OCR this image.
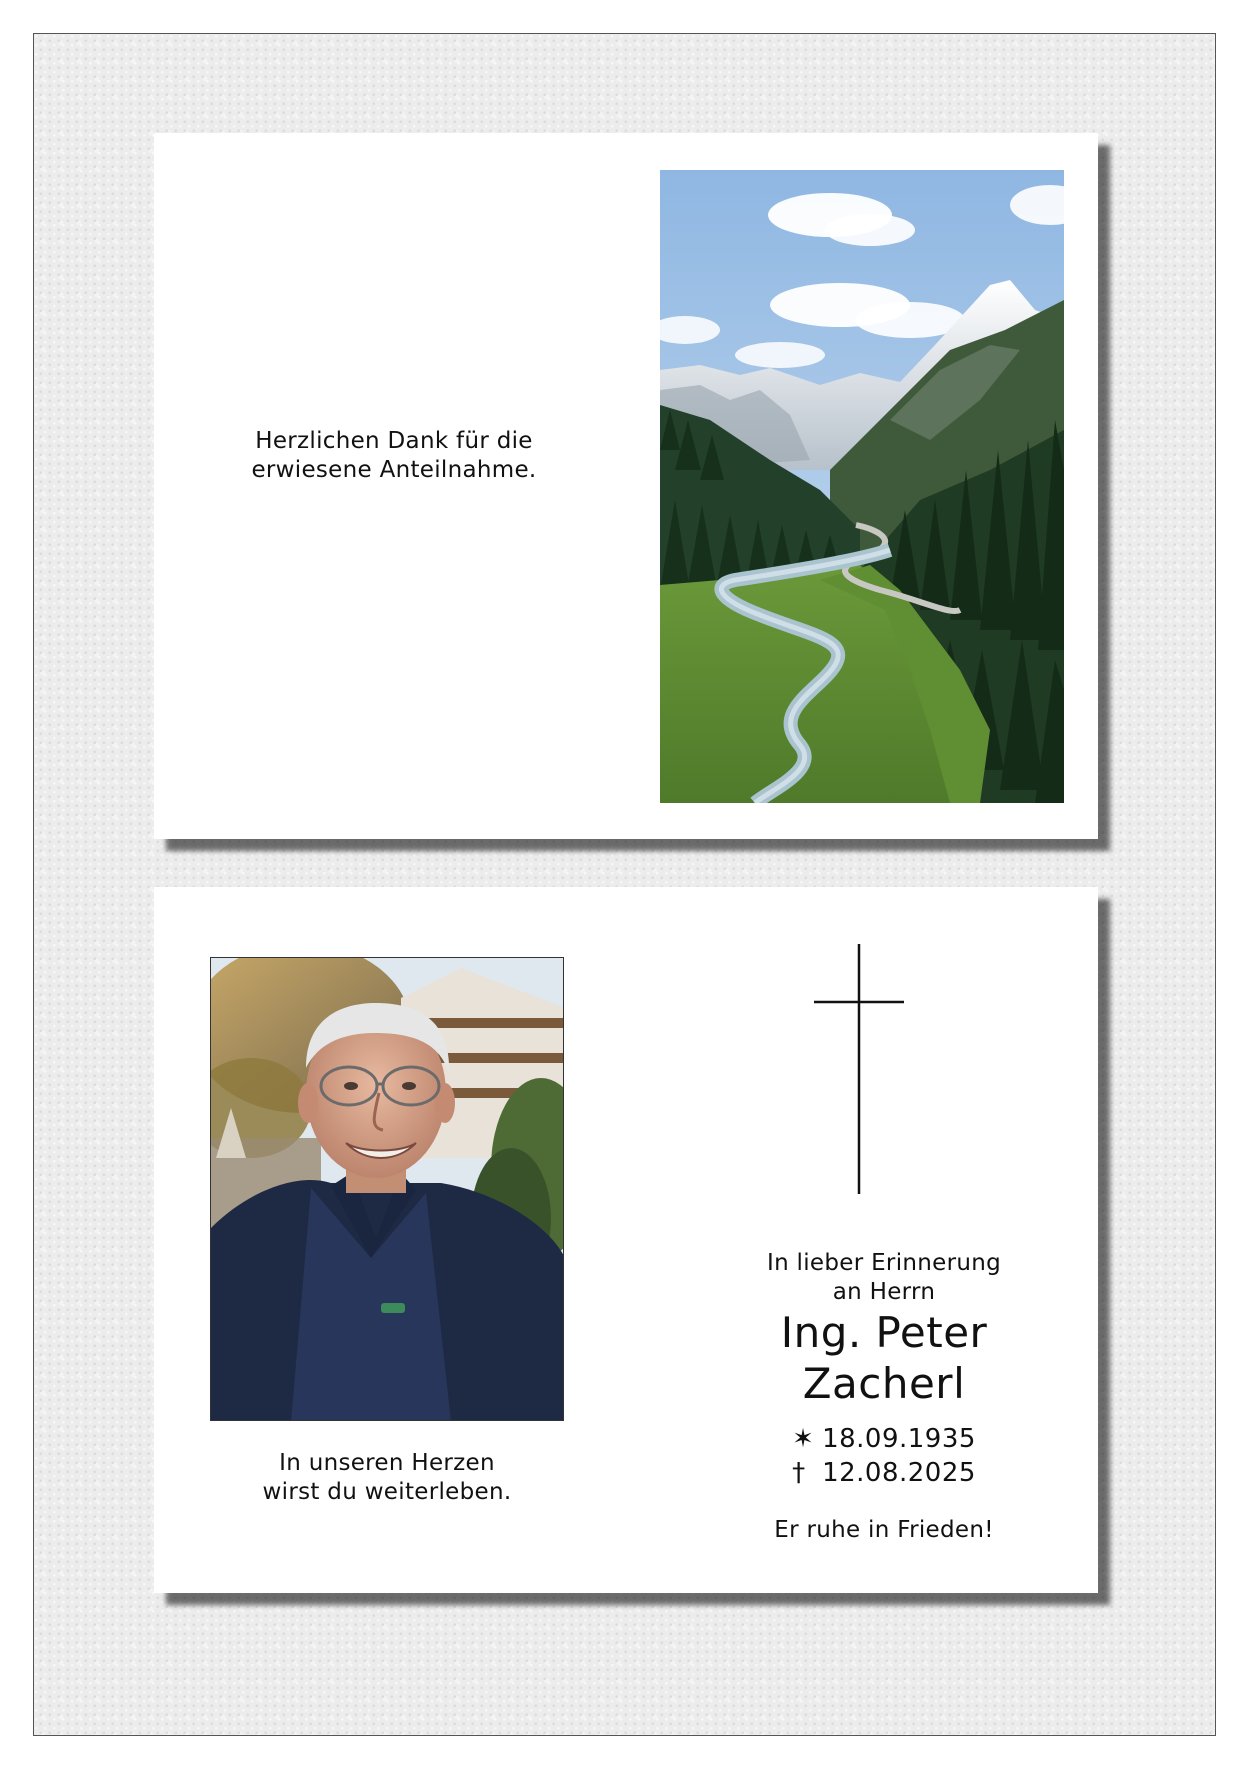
Herzlichen Dank für die
erwiesene Anteilnahme.
In unseren Herzen
wirst du weiterleben.
In lieber Erinnerung
an Herrn
Ing. Peter
Zacherl
✶ 18.09.1935
† 12.08.2025
Er ruhe in Frieden!
